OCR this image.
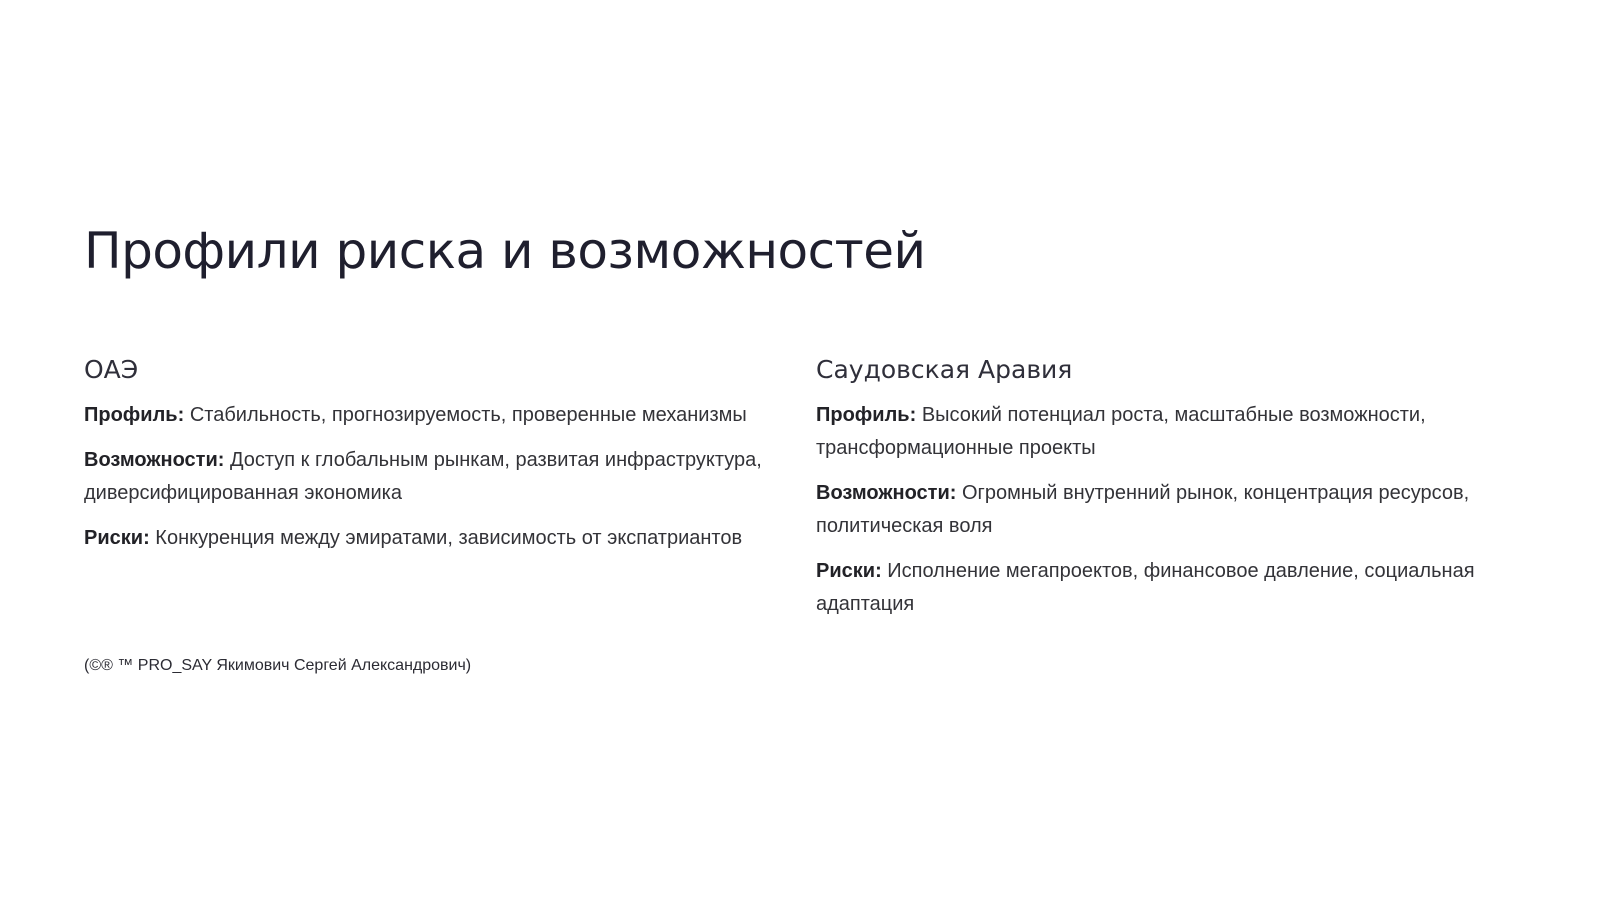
Профили риска и возможностей
ОАЭ

Профиль: Стабильность, прогнозируемость, проверенные механизмы

Возможности: Доступ к глобальным рынкам, развитая инфраструктура, диверсифицированная экономика

Риски: Конкуренция между эмиратами, зависимость от экспатриантов

Саудовская Аравия

Профиль: Высокий потенциал роста, масштабные возможности, трансформационные проекты

Возможности: Огромный внутренний рынок, концентрация ресурсов, политическая воля

Риски: Исполнение мегапроектов, финансовое давление, социальная адаптация

(©® ™ PRO_SAY Якимович Сергей Александрович)
